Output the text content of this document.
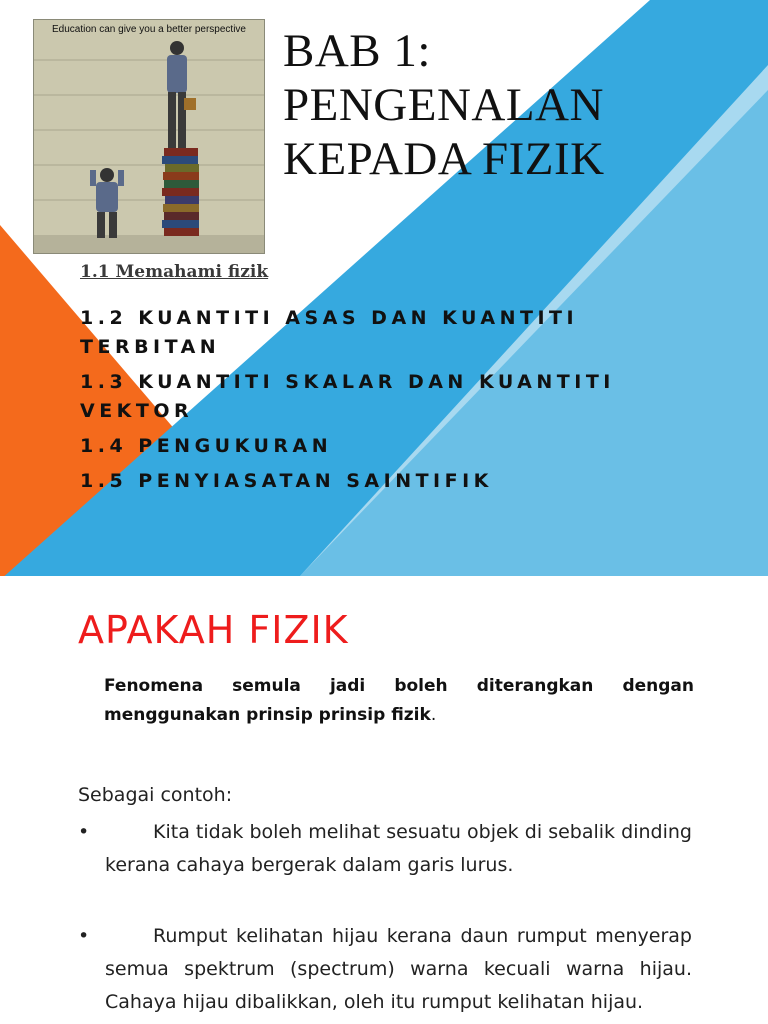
Education can give you a better perspective BAB 1:
PENGENALAN
KEPADA FIZIK
1.1 Memahami fizik
1.2 KUANTITI ASAS DAN KUANTITI TERBITAN
1.3 KUANTITI SKALAR DAN KUANTITI VEKTOR
1.4 PENGUKURAN
1.5 PENYIASATAN SAINTIFIK
APAKAH FIZIK
Fenomena semula jadi boleh diterangkan dengan menggunakan prinsip prinsip fizik.
Sebagai contoh:
•	Kita tidak boleh melihat sesuatu objek di sebalik dinding kerana cahaya bergerak dalam garis lurus.
•	Rumput kelihatan hijau kerana daun rumput menyerap semua spektrum (spectrum) warna kecuali warna hijau. Cahaya hijau dibalikkan, oleh itu rumput kelihatan hijau.
